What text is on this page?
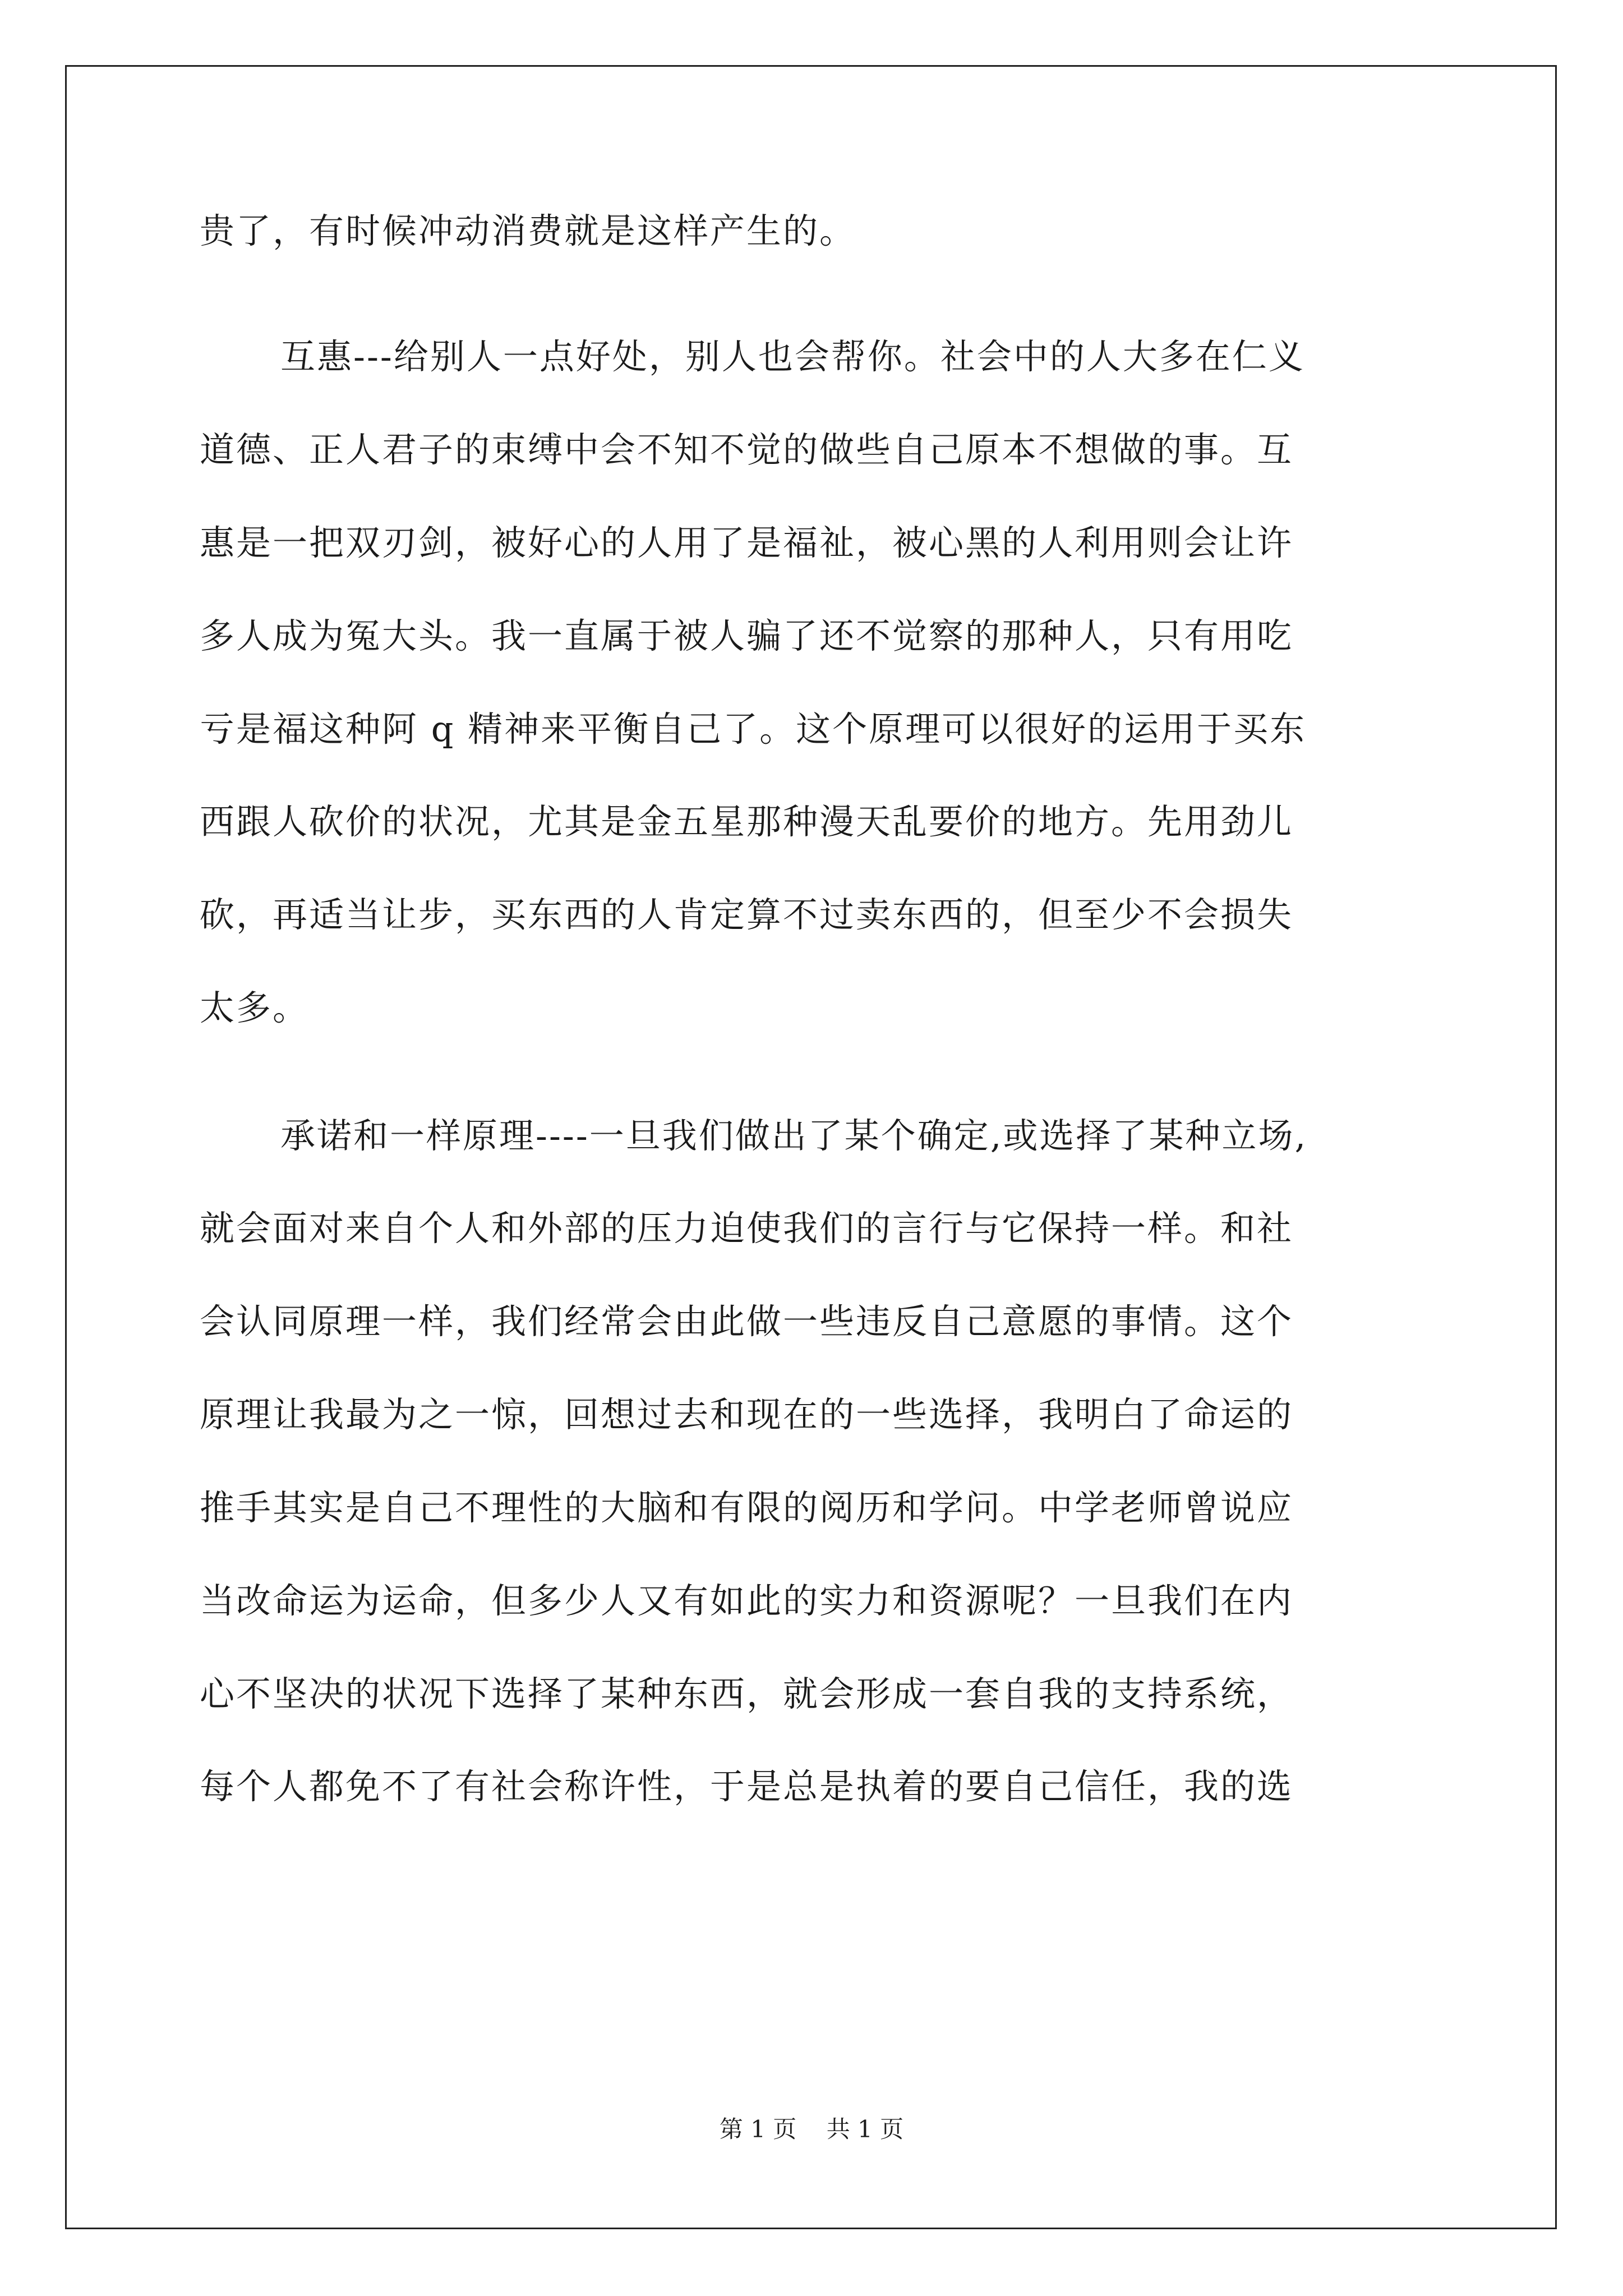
贵了，有时候冲动消费就是这样产生的。
互惠---给别人一点好处，别人也会帮你。社会中的人大多在仁义
道德、正人君子的束缚中会不知不觉的做些自己原本不想做的事。互
惠是一把双刃剑，被好心的人用了是福祉，被心黑的人利用则会让许
多人成为冤大头。我一直属于被人骗了还不觉察的那种人，只有用吃
亏是福这种阿 q 精神来平衡自己了。这个原理可以很好的运用于买东
西跟人砍价的状况，尤其是金五星那种漫天乱要价的地方。先用劲儿
砍，再适当让步，买东西的人肯定算不过卖东西的，但至少不会损失
太多。
承诺和一样原理----一旦我们做出了某个确定,或选择了某种立场,
就会面对来自个人和外部的压力迫使我们的言行与它保持一样。和社
会认同原理一样，我们经常会由此做一些违反自己意愿的事情。这个
原理让我最为之一惊，回想过去和现在的一些选择，我明白了命运的
推手其实是自己不理性的大脑和有限的阅历和学问。中学老师曾说应
当改命运为运命，但多少人又有如此的实力和资源呢？一旦我们在内
心不坚决的状况下选择了某种东西，就会形成一套自我的支持系统，
每个人都免不了有社会称许性，于是总是执着的要自己信任，我的选
第 1 页    共 1 页
